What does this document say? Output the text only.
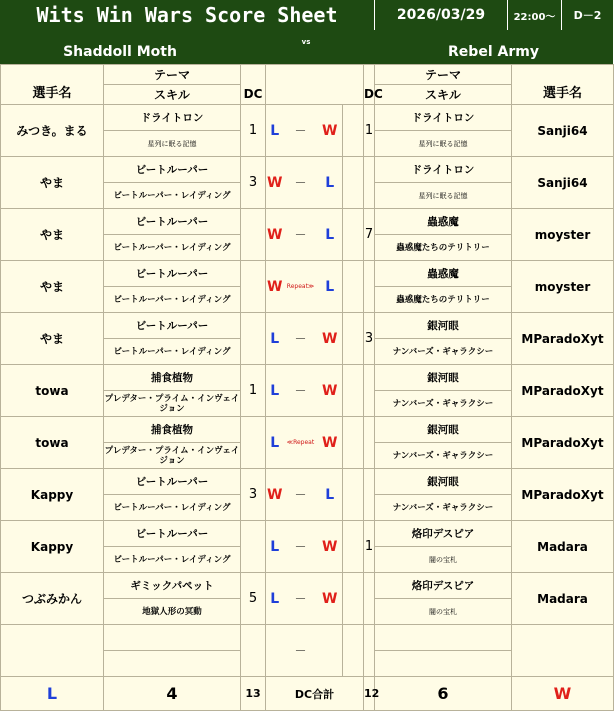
Wits Win Wars Score Sheet	2026/03/29	22:00～	D－2
Shaddoll Moth
vs
Rebel Army
選手名	テーマ	DC					DC	テーマ	選手名
	スキル							スキル	
みつき。まる	ドライトロン	1	L	－	W		1	ドライトロン	Sanji64
	星列に眠る記憶							星列に眠る記憶	
やま	ビートルーパー	3	W	－	L			ドライトロン	Sanji64
	ビートルーパー・レイディング							星列に眠る記憶	
やま	ビートルーパー		W	－	L		7	蟲惑魔	moyster
	ビートルーパー・レイディング							蟲惑魔たちのテリトリー	
やま	ビートルーパー		W	Repeat≫	L			蟲惑魔	moyster
	ビートルーパー・レイディング							蟲惑魔たちのテリトリー	
やま	ビートルーパー		L	－	W		3	銀河眼	MParadoXyt
	ビートルーパー・レイディング							ナンバーズ・ギャラクシー	
towa	捕食植物	1	L	－	W			銀河眼	MParadoXyt
	プレデター・プライム・インヴェイジョン							ナンバーズ・ギャラクシー	
towa	捕食植物		L	≪Repeat	W			銀河眼	MParadoXyt
	プレデター・プライム・インヴェイジョン							ナンバーズ・ギャラクシー	
Kappy	ビートルーパー	3	W	－	L			銀河眼	MParadoXyt
	ビートルーパー・レイディング							ナンバーズ・ギャラクシー	
Kappy	ビートルーパー		L	－	W		1	烙印デスピア	Madara
	ビートルーパー・レイディング							闇の宝札	
つぶみかん	ギミックパペット	5	L	－	W			烙印デスピア	Madara
	地獄人形の冥動							闇の宝札	
				－					

L	4	13	DC合計				12	6	W
